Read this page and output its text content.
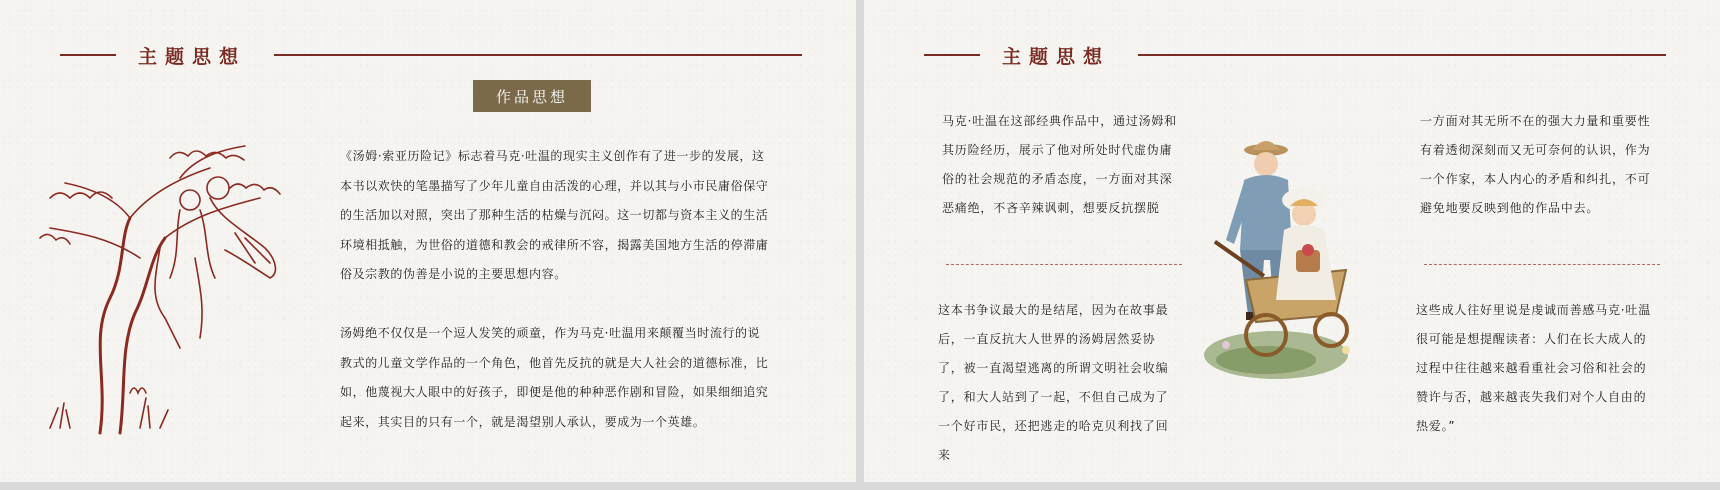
主题思想
作品思想
《汤姆·索亚历险记》标志着马克·吐温的现实主义创作有了进一步的发展，这本书以欢快的笔墨描写了少年儿童自由活泼的心理，并以其与小市民庸俗保守的生活加以对照，突出了那种生活的枯燥与沉闷。这一切都与资本主义的生活环境相抵触，为世俗的道德和教会的戒律所不容，揭露美国地方生活的停滞庸俗及宗教的伪善是小说的主要思想内容。
汤姆绝不仅仅是一个逗人发笑的顽童，作为马克·吐温用来颠覆当时流行的说教式的儿童文学作品的一个角色，他首先反抗的就是大人社会的道德标准，比如，他蔑视大人眼中的好孩子，即便是他的种种恶作剧和冒险，如果细细追究起来，其实目的只有一个，就是渴望别人承认，要成为一个英雄。
主题思想
马克·吐温在这部经典作品中，通过汤姆和其历险经历，展示了他对所处时代虚伪庸俗的社会规范的矛盾态度，一方面对其深恶痛绝，不吝辛辣讽刺，想要反抗摆脱
一方面对其无所不在的强大力量和重要性有着透彻深刻而又无可奈何的认识，作为一个作家，本人内心的矛盾和纠扎，不可避免地要反映到他的作品中去。
这本书争议最大的是结尾，因为在故事最后，一直反抗大人世界的汤姆居然妥协了，被一直渴望逃离的所谓文明社会收编了，和大人站到了一起，不但自己成为了一个好市民，还把逃走的哈克贝利找了回来
这些成人往好里说是虔诚而善感马克·吐温很可能是想提醒读者：人们在长大成人的过程中往往越来越看重社会习俗和社会的赞许与否，越来越丧失我们对个人自由的热爱。”
